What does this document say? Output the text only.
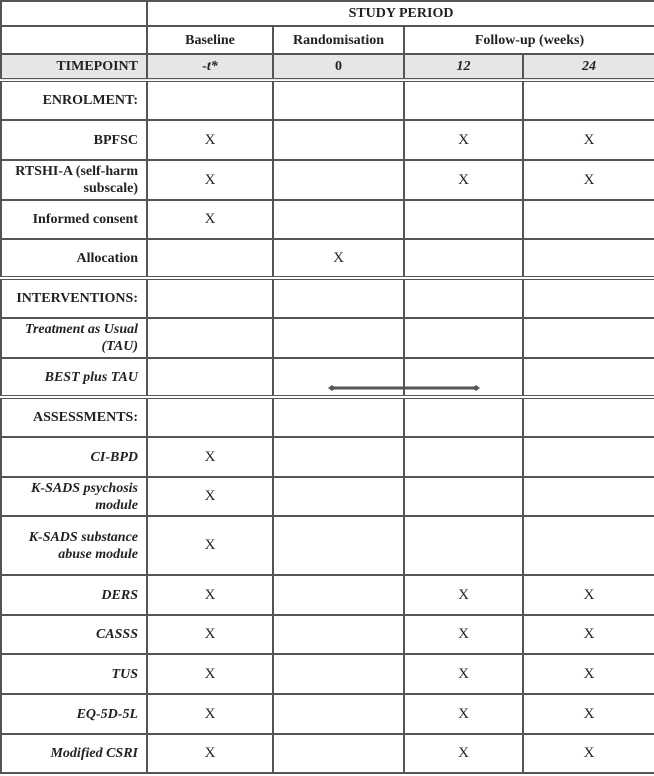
	STUDY PERIOD			
	Baseline	Randomisation	Follow-up (weeks)	
TIMEPOINT	-t*	0	12	24
ENROLMENT:				
BPFSC	X		X	X
RTSHI-A (self-harm subscale)	X		X	X
Informed consent	X			
Allocation		X		
INTERVENTIONS:				
Treatment as Usual (TAU)				
BEST plus TAU				
ASSESSMENTS:				
CI-BPD	X			
K-SADS psychosis module	X			
K-SADS substance abuse module	X			
DERS	X		X	X
CASSS	X		X	X
TUS	X		X	X
EQ-5D-5L	X		X	X
Modified CSRI	X		X	X
